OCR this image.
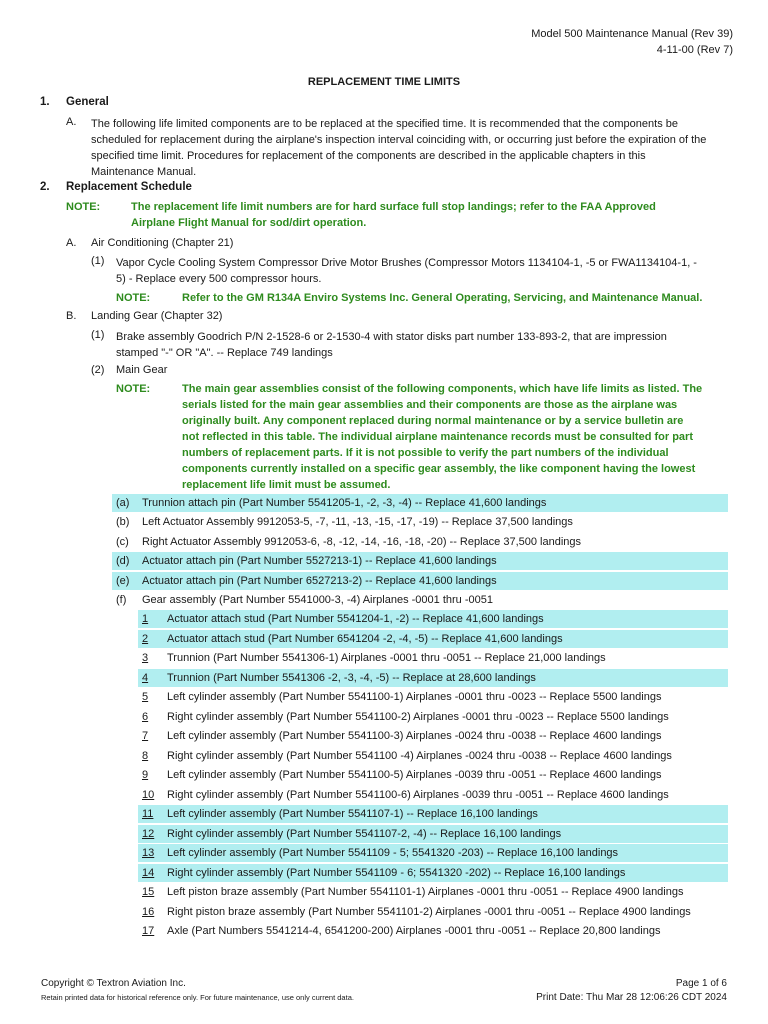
Model 500 Maintenance Manual (Rev 39)
4-11-00 (Rev 7)
REPLACEMENT TIME LIMITS
1. General
A. The following life limited components are to be replaced at the specified time. It is recommended that the components be
scheduled for replacement during the airplane's inspection interval coinciding with, or occurring just before the expiration of the
specified time limit. Procedures for replacement of the components are described in the applicable chapters in this
Maintenance Manual.
2. Replacement Schedule
NOTE:	The replacement life limit numbers are for hard surface full stop landings; refer to the FAA Approved
Airplane Flight Manual for sod/dirt operation.
A. Air Conditioning (Chapter 21)
(1) Vapor Cycle Cooling System Compressor Drive Motor Brushes (Compressor Motors 1134104-1, -5 or FWA1134104-1, -
5) - Replace every 500 compressor hours.
NOTE:	Refer to the GM R134A Enviro Systems Inc. General Operating, Servicing, and Maintenance Manual.
B. Landing Gear (Chapter 32)
(1) Brake assembly Goodrich P/N 2-1528-6 or 2-1530-4 with stator disks part number 133-893-2, that are impression
stamped "-" OR "A". -- Replace 749 landings
(2) Main Gear
NOTE:	The main gear assemblies consist of the following components, which have life limits as listed. The
serials listed for the main gear assemblies and their components are those as the airplane was
originally built. Any component replaced during normal maintenance or by a service bulletin are
not reflected in this table. The individual airplane maintenance records must be consulted for part
numbers of replacement parts. If it is not possible to verify the part numbers of the individual
components currently installed on a specific gear assembly, the like component having the lowest
replacement life limit must be assumed.
(a) Trunnion attach pin (Part Number 5541205-1, -2, -3, -4) -- Replace 41,600 landings
(b) Left Actuator Assembly 9912053-5, -7, -11, -13, -15, -17, -19) -- Replace 37,500 landings
(c) Right Actuator Assembly 9912053-6, -8, -12, -14, -16, -18, -20) -- Replace 37,500 landings
(d) Actuator attach pin (Part Number 5527213-1) -- Replace 41,600 landings
(e) Actuator attach pin (Part Number 6527213-2) -- Replace 41,600 landings
(f) Gear assembly (Part Number 5541000-3, -4) Airplanes -0001 thru -0051
1 Actuator attach stud (Part Number 5541204-1, -2) -- Replace 41,600 landings
2 Actuator attach stud (Part Number 6541204 -2, -4, -5) -- Replace 41,600 landings
3 Trunnion (Part Number 5541306-1) Airplanes -0001 thru -0051 -- Replace 21,000 landings
4 Trunnion (Part Number 5541306 -2, -3, -4, -5) -- Replace at 28,600 landings
5 Left cylinder assembly (Part Number 5541100-1) Airplanes -0001 thru -0023 -- Replace 5500 landings
6 Right cylinder assembly (Part Number 5541100-2) Airplanes -0001 thru -0023 -- Replace 5500 landings
7 Left cylinder assembly (Part Number 5541100-3) Airplanes -0024 thru -0038 -- Replace 4600 landings
8 Right cylinder assembly (Part Number 5541100 -4) Airplanes -0024 thru -0038 -- Replace 4600 landings
9 Left cylinder assembly (Part Number 5541100-5) Airplanes -0039 thru -0051 -- Replace 4600 landings
10 Right cylinder assembly (Part Number 5541100-6) Airplanes -0039 thru -0051 -- Replace 4600 landings
11 Left cylinder assembly (Part Number 5541107-1) -- Replace 16,100 landings
12 Right cylinder assembly (Part Number 5541107-2, -4) -- Replace 16,100 landings
13 Left cylinder assembly (Part Number 5541109 - 5; 5541320 -203) -- Replace 16,100 landings
14 Right cylinder assembly (Part Number 5541109 - 6; 5541320 -202) -- Replace 16,100 landings
15 Left piston braze assembly (Part Number 5541101-1) Airplanes -0001 thru -0051 -- Replace 4900 landings
16 Right piston braze assembly (Part Number 5541101-2) Airplanes -0001 thru -0051 -- Replace 4900 landings
17 Axle (Part Numbers 5541214-4, 6541200-200) Airplanes -0001 thru -0051 -- Replace 20,800 landings
Copyright © Textron Aviation Inc.
Retain printed data for historical reference only. For future maintenance, use only current data.
Page 1 of 6
Print Date: Thu Mar 28 12:06:26 CDT 2024
